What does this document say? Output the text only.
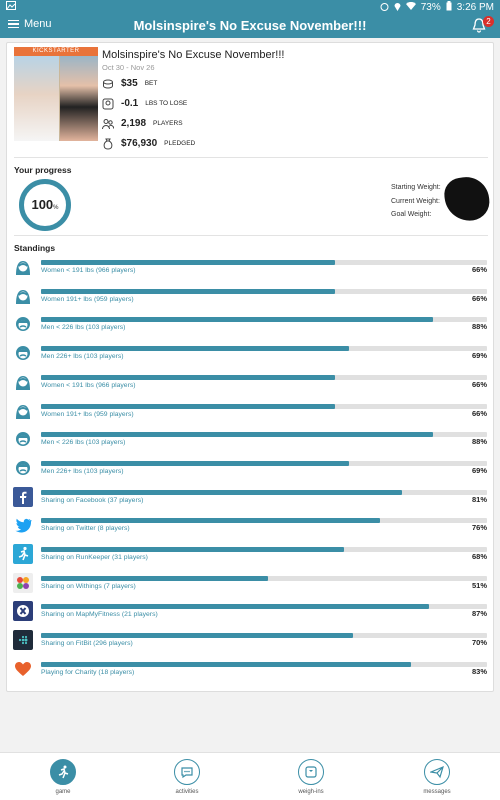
73% 3:26 PM
Menu	Molsinspire's No Excuse November!!!	2
KICKSTARTER	Molsinspire's No Excuse November!!!
Oct 30 - Nov 26
$35 BET
-0.1 LBS TO LOSE
2,198 PLAYERS
$76,930 PLEDGED
Your progress
100%
Starting Weight:
Current Weight:
Goal Weight:
Standings
Women < 191 lbs (966 players)	66%
Women 191+ lbs (959 players)	66%
Men < 226 lbs (103 players)	88%
Men 226+ lbs (103 players)	69%
Women < 191 lbs (966 players)	66%
Women 191+ lbs (959 players)	66%
Men < 226 lbs (103 players)	88%
Men 226+ lbs (103 players)	69%
Sharing on Facebook (37 players)	81%
Sharing on Twitter (8 players)	76%
Sharing on RunKeeper (31 players)	68%
Sharing on Withings (7 players)	51%
Sharing on MapMyFitness (21 players)	87%
Sharing on FitBit (296 players)	70%
Playing for Charity (18 players)	83%
game	activities	weigh-ins	messages
